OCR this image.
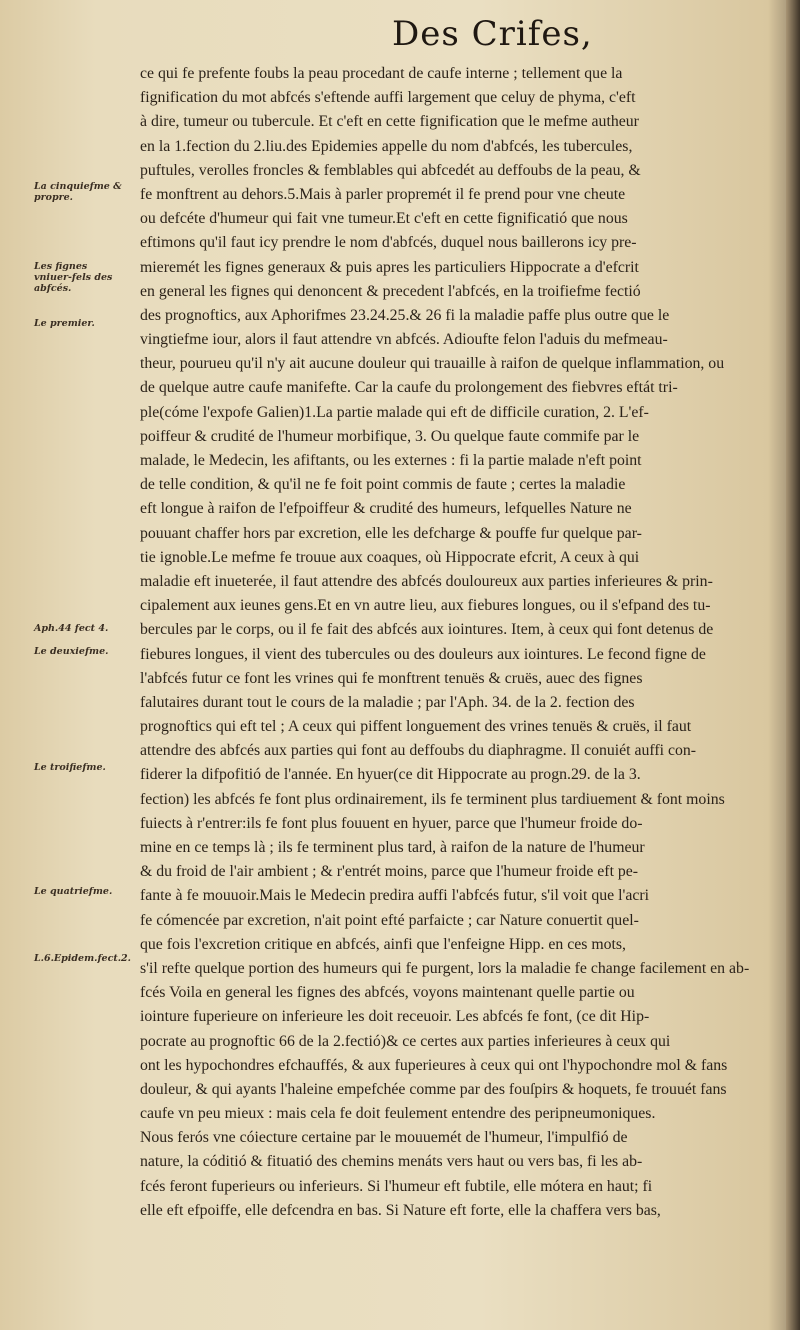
Des Crifes,
La cinquiefme & propre.
Les fignes vniuer-fels des abfcés.
Le premier.
Aph.44 fect 4.
Le deuxiefme.
Le troifiefme.
Le quatriefme.
L.6.Epidem.fect.2.
ce qui fe prefente foubs la peau procedant de caufe interne ; tellement que la
fignification du mot abfcés s'eftende auffi largement que celuy de phyma, c'eft
à dire, tumeur ou tubercule. Et c'eft en cette fignification que le mefme autheur
en la 1.fection du 2.liu.des Epidemies appelle du nom d'abfcés, les tubercules,
puftules, verolles froncles & femblables qui abfcedét au deffoubs de la peau, &
fe monftrent au dehors.5.Mais à parler propremét il fe prend pour vne cheute
ou defcéte d'humeur qui fait vne tumeur.Et c'eft en cette fignificatió que nous
eftimons qu'il faut icy prendre le nom d'abfcés, duquel nous baillerons icy pre-
mieremét les fignes generaux & puis apres les particuliers Hippocrate a d'efcrit
en general les fignes qui denoncent & precedent l'abfcés, en la troifiefme fectió
des prognoftics, aux Aphorifmes 23.24.25.& 26 fi la maladie paffe plus outre que le
vingtiefme iour, alors il faut attendre vn abfcés. Adioufte felon l'aduis du mefmeau-
theur, pourueu qu'il n'y ait aucune douleur qui trauaille à raifon de quelque inflammation, ou
de quelque autre caufe manifefte. Car la caufe du prolongement des fiebvres eftát tri-
ple(cóme l'expofe Galien)1.La partie malade qui eft de difficile curation, 2. L'ef-
poiffeur & crudité de l'humeur morbifique, 3. Ou quelque faute commife par le
malade, le Medecin, les afiftants, ou les externes : fi la partie malade n'eft point
de telle condition, & qu'il ne fe foit point commis de faute ; certes la maladie
eft longue à raifon de l'efpoiffeur & crudité des humeurs, lefquelles Nature ne
pouuant chaffer hors par excretion, elle les defcharge & pouffe fur quelque par-
tie ignoble.Le mefme fe trouue aux coaques, où Hippocrate efcrit, A ceux à qui
maladie eft inueterée, il faut attendre des abfcés douloureux aux parties inferieures & prin-
cipalement aux ieunes gens.Et en vn autre lieu, aux fiebures longues, ou il s'efpand des tu-
bercules par le corps, ou il fe fait des abfcés aux iointures. Item, à ceux qui font detenus de
fiebures longues, il vient des tubercules ou des douleurs aux iointures. Le fecond figne de
l'abfcés futur ce font les vrines qui fe monftrent tenuës & cruës, auec des fignes
falutaires durant tout le cours de la maladie ; par l'Aph. 34. de la 2. fection des
prognoftics qui eft tel ; A ceux qui piffent longuement des vrines tenuës & cruës, il faut
attendre des abfcés aux parties qui font au deffoubs du diaphragme. Il conuiét auffi con-
fiderer la difpofitió de l'année. En hyuer(ce dit Hippocrate au progn.29. de la 3.
fection) les abfcés fe font plus ordinairement, ils fe terminent plus tardiuement & font moins
fuiects à r'entrer:ils fe font plus fouuent en hyuer, parce que l'humeur froide do-
mine en ce temps là ; ils fe terminent plus tard, à raifon de la nature de l'humeur
& du froid de l'air ambient ; & r'entrét moins, parce que l'humeur froide eft pe-
fante à fe mouuoir.Mais le Medecin predira auffi l'abfcés futur, s'il voit que l'acri
fe cómencée par excretion, n'ait point efté parfaicte ; car Nature conuertit quel-
que fois l'excretion critique en abfcés, ainfi que l'enfeigne Hipp. en ces mots,
s'il refte quelque portion des humeurs qui fe purgent, lors la maladie fe change facilement en ab-
fcés Voila en general les fignes des abfcés, voyons maintenant quelle partie ou
iointure fuperieure on inferieure les doit receuoir. Les abfcés fe font, (ce dit Hip-
pocrate au prognoftic 66 de la 2.fectió)& ce certes aux parties inferieures à ceux qui
ont les hypochondres efchauffés, & aux fuperieures à ceux qui ont l'hypochondre mol & fans
douleur, & qui ayants l'haleine empefchée comme par des fouſpirs & hoquets, fe trouuét fans
caufe vn peu mieux : mais cela fe doit feulement entendre des peripneumoniques.
Nous ferós vne cóiecture certaine par le mouuemét de l'humeur, l'impulfió de
nature, la códitió & fituatió des chemins menáts vers haut ou vers bas, fi les ab-
fcés feront fuperieurs ou inferieurs. Si l'humeur eft fubtile, elle mótera en haut; fi
elle eft efpoiffe, elle defcendra en bas. Si Nature eft forte, elle la chaffera vers bas,
